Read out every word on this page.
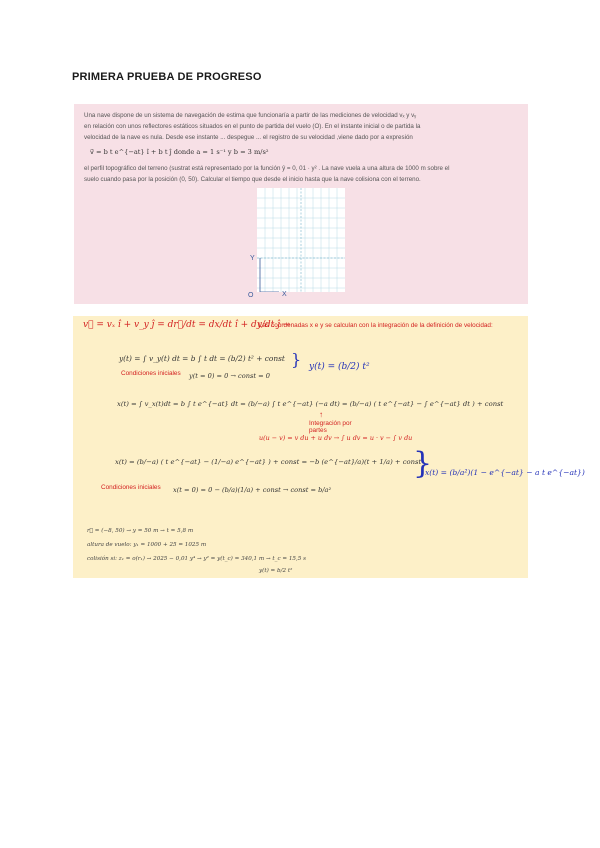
PRIMERA PRUEBA DE PROGRESO
Una nave dispone de un sistema de navegación de estima que funcionaría a partir de las mediciones de velocidad vₓ y vᵧ
en relación con unos reflectores estáticos situados en el punto de partida del vuelo (O). En el instante inicial o de partida la
velocidad de la nave es nula. Desde ese instante ... despegue ... el registro de su velocidad ,viene dado por a expresión
v⃗ = b t e^{−at} î + b t ĵ donde a = 1 s⁻¹ y b = 3 m/s²
el perfil topográfico del terreno (sustrat está representado por la función ŷ = 0, 01 · y² . La nave vuela a una altura de 1000 m sobre el
suelo cuando pasa por la posición (0, 50). Calcular el tiempo que desde el inicio hasta que la nave colisiona con el terreno.
Y
X
O
v⃗ = vₓ î + v_y ĵ = dr⃗/dt = dx/dt î + dy/dt ĵ →
Las coordenadas x e y se calculan con la integración de la definición de velocidad:
y(t) = ∫ v_y(t) dt = b ∫ t dt = (b/2) t² + const } y(t) = (b/2) t²
Condiciones iniciales y(t = 0) = 0 → const = 0
x(t) = ∫ v_x(t)dt = b ∫ t e^{−at} dt = (b/−a) ∫ t e^{−at} (−a dt) = (b/−a) ( t e^{−at} − ∫ e^{−at} dt ) + const
Integración por partes
↑
u(u − v) = v du + u dv → ∫ u dv = u · v − ∫ v du
x(t) = (b/−a) ( t e^{−at} − (1/−a) e^{−at} ) + const = −b (e^{−at}/a)(t + 1/a) + const
}
x(t) = (b/a²)(1 − e^{−at} − a t e^{−at})
Condiciones iniciales x(t = 0) = 0 − (b/a)(1/a) + const → const = b/a²
r⃗ = (−8, 50) → y = 50 m → t = 5,8 m
altura de vuelo: y₁ = 1000 + 25 = 1025 m
colisión si: z₁ = o(r₁) → 2025 − 0,01 y⁴ → y² = y(t_c) = 340,1 m → t_c = 15,5 s
y(t) = b/2 t²
